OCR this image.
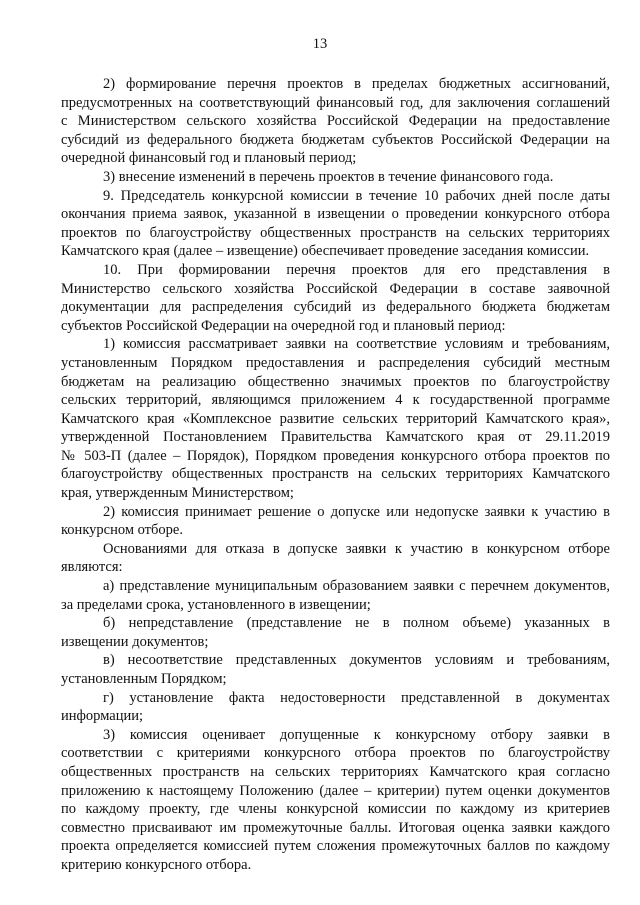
13
2) формирование перечня проектов в пределах бюджетных ассигнований,
предусмотренных на соответствующий финансовый год, для заключения соглашений
с Министерством сельского хозяйства Российской Федерации на предоставление
субсидий из федерального бюджета бюджетам субъектов Российской Федерации на
очередной финансовый год и плановый период;
3) внесение изменений в перечень проектов в течение финансового года.
9. Председатель конкурсной комиссии в течение 10 рабочих дней после даты
окончания приема заявок, указанной в извещении о проведении конкурсного отбора
проектов по благоустройству общественных пространств на сельских территориях
Камчатского края (далее – извещение) обеспечивает проведение заседания комиссии.
10. При формировании перечня проектов для его представления в
Министерство сельского хозяйства Российской Федерации в составе заявочной
документации для распределения субсидий из федерального бюджета бюджетам
субъектов Российской Федерации на очередной год и плановый период:
1) комиссия рассматривает заявки на соответствие условиям и требованиям,
установленным Порядком предоставления и распределения субсидий местным
бюджетам на реализацию общественно значимых проектов по благоустройству
сельских территорий, являющимся приложением 4 к государственной программе
Камчатского края «Комплексное развитие сельских территорий Камчатского края»,
утвержденной Постановлением Правительства Камчатского края от 29.11.2019
№ 503-П (далее – Порядок), Порядком проведения конкурсного отбора проектов по
благоустройству общественных пространств на сельских территориях Камчатского
края, утвержденным Министерством;
2) комиссия принимает решение о допуске или недопуске заявки к участию в
конкурсном отборе.
Основаниями для отказа в допуске заявки к участию в конкурсном отборе
являются:
а) представление муниципальным образованием заявки с перечнем документов,
за пределами срока, установленного в извещении;
б) непредставление (представление не в полном объеме) указанных в
извещении документов;
в) несоответствие представленных документов условиям и требованиям,
установленным Порядком;
г) установление факта недостоверности представленной в документах
информации;
3) комиссия оценивает допущенные к конкурсному отбору заявки в
соответствии с критериями конкурсного отбора проектов по благоустройству
общественных пространств на сельских территориях Камчатского края согласно
приложению к настоящему Положению (далее – критерии) путем оценки документов
по каждому проекту, где члены конкурсной комиссии по каждому из критериев
совместно присваивают им промежуточные баллы. Итоговая оценка заявки каждого
проекта определяется комиссией путем сложения промежуточных баллов по каждому
критерию конкурсного отбора.
